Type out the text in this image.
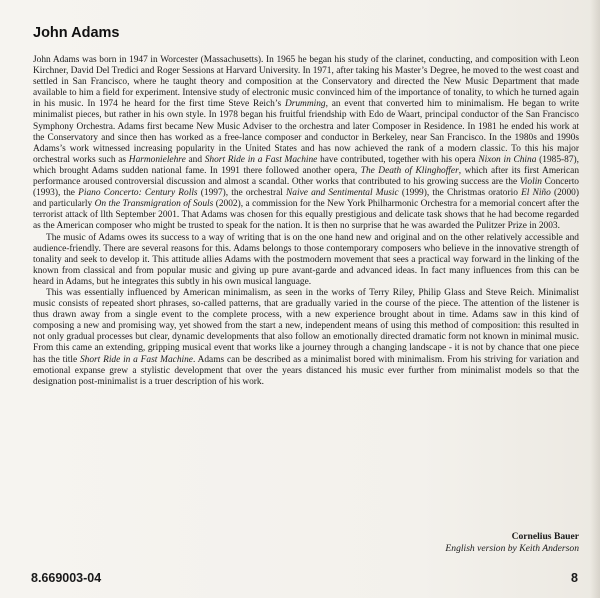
John Adams

John Adams was born in 1947 in Worcester (Massachusetts). In 1965 he began his study of the clarinet, conducting, and composition with Leon Kirchner, David Del Tredici and Roger Sessions at Harvard University. In 1971, after taking his Master’s Degree, he moved to the west coast and settled in San Francisco, where he taught theory and composition at the Conservatory and directed the New Music Department that made available to him a field for experiment. Intensive study of electronic music convinced him of the importance of tonality, to which he turned again in his music. In 1974 he heard for the first time Steve Reich’s Drumming, an event that converted him to minimalism. He began to write minimalist pieces, but rather in his own style. In 1978 began his fruitful friendship with Edo de Waart, principal conductor of the San Francisco Symphony Orchestra. Adams first became New Music Adviser to the orchestra and later Composer in Residence. In 1981 he ended his work at the Conservatory and since then has worked as a free-lance composer and conductor in Berkeley, near San Francisco. In the 1980s and 1990s Adams’s work witnessed increasing popularity in the United States and has now achieved the rank of a modern classic. To this his major orchestral works such as Harmonielehre and Short Ride in a Fast Machine have contributed, together with his opera Nixon in China (1985-87), which brought Adams sudden national fame. In 1991 there followed another opera, The Death of Klinghoffer, which after its first American performance aroused controversial discussion and almost a scandal. Other works that contributed to his growing success are the Violin Concerto (1993), the Piano Concerto: Century Rolls (1997), the orchestral Naive and Sentimental Music (1999), the Christmas oratorio El Niño (2000) and particularly On the Transmigration of Souls (2002), a commission for the New York Philharmonic Orchestra for a memorial concert after the terrorist attack of llth September 2001. That Adams was chosen for this equally prestigious and delicate task shows that he had become regarded as the American composer who might be trusted to speak for the nation. It is then no surprise that he was awarded the Pulitzer Prize in 2003.

The music of Adams owes its success to a way of writing that is on the one hand new and original and on the other relatively accessible and audience-friendly. There are several reasons for this. Adams belongs to those contemporary composers who believe in the innovative strength of tonality and seek to develop it. This attitude allies Adams with the postmodern movement that sees a practical way forward in the linking of the known from classical and from popular music and giving up pure avant-garde and advanced ideas. In fact many influences from this can be heard in Adams, but he integrates this subtly in his own musical language.

This was essentially influenced by American minimalism, as seen in the works of Terry Riley, Philip Glass and Steve Reich. Minimalist music consists of repeated short phrases, so-called patterns, that are gradually varied in the course of the piece. The attention of the listener is thus drawn away from a single event to the complete process, with a new experience brought about in time. Adams saw in this kind of composing a new and promising way, yet showed from the start a new, independent means of using this method of composition: this resulted in not only gradual processes but clear, dynamic developments that also follow an emotionally directed dramatic form not known in minimal music. From this came an extending, gripping musical event that works like a journey through a changing landscape - it is not by chance that one piece has the title Short Ride in a Fast Machine. Adams can be described as a minimalist bored with minimalism. From his striving for variation and emotional expanse grew a stylistic development that over the years distanced his music ever further from minimalist models so that the designation post-minimalist is a truer description of his work.

Cornelius Bauer
English version by Keith Anderson
8.669003-04	8
